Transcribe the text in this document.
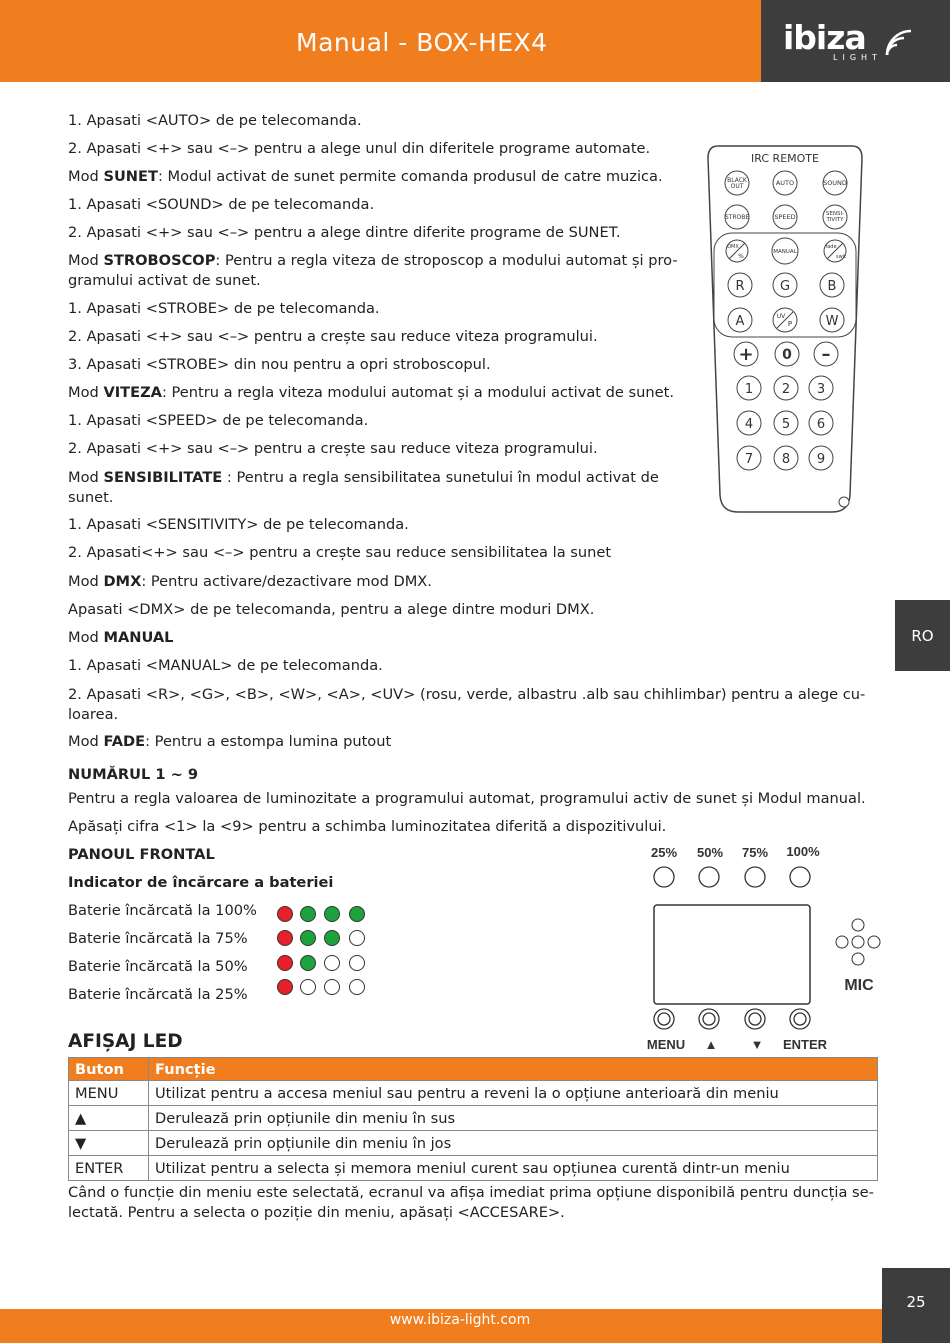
Manual - BOX-HEX4	ibiza
LIGHT
1. Apasati <AUTO> de pe telecomanda.
2. Apasati <+> sau <–> pentru a alege unul din diferitele programe automate.
Mod SUNET: Modul activat de sunet permite comanda produsul de catre muzica.
1. Apasati <SOUND> de pe telecomanda.
2. Apasati <+> sau <–> pentru a alege dintre diferite programe de SUNET.
Mod STROBOSCOP: Pentru a regla viteza de stroposcop a modului automat și pro-
gramului activat de sunet.
1. Apasati <STROBE> de pe telecomanda.
2. Apasati <+> sau <–> pentru a crește sau reduce viteza programului.
3. Apasati <STROBE> din nou pentru a opri stroboscopul.
Mod VITEZA: Pentru a regla viteza modului automat și a modului activat de sunet.
1. Apasati <SPEED> de pe telecomanda.
2. Apasati <+> sau <–> pentru a crește sau reduce viteza programului.
Mod SENSIBILITATE : Pentru a regla sensibilitatea sunetului în modul activat de
sunet.
1. Apasati <SENSITIVITY> de pe telecomanda.
2. Apasati<+> sau <–> pentru a crește sau reduce sensibilitatea la sunet
Mod DMX: Pentru activare/dezactivare mod DMX.
Apasati <DMX> de pe telecomanda, pentru a alege dintre moduri DMX.
Mod MANUAL
1. Apasati <MANUAL> de pe telecomanda.
2. Apasati <R>, <G>, <B>, <W>, <A>, <UV> (rosu, verde, albastru .alb sau chihlimbar) pentru a alege cu-
loarea.
Mod FADE: Pentru a estompa lumina putout
NUMĂRUL 1 ~ 9
Pentru a regla valoarea de luminozitate a programului automat, programului activ de sunet și Modul manual.
Apăsați cifra <1> la <9> pentru a schimba luminozitatea diferită a dispozitivului.
PANOUL FRONTAL
Indicator de încărcare a bateriei
Baterie încărcată la 100%
Baterie încărcată la 75%
Baterie încărcată la 50%
Baterie încărcată la 25%
IRC REMOTE
BLACK
OUT	AUTO	SOUND
STROBE	SPEED	SENSI-
TIVITY
DMX
%
MANUAL
fade
swit
R	G	B
A	UV
P	W
+ 0 –
1 2 3
4 5 6
7 8 9
RO
25% 50% 75% 100%
MIC
MENU ▲	▼ ENTER
AFIȘAJ LED
Buton	Funcție
MENU	Utilizat pentru a accesa meniul sau pentru a reveni la o opțiune anterioară din meniu
▲	Derulează prin opțiunile din meniu în sus
▼	Derulează prin opțiunile din meniu în jos
ENTER	Utilizat pentru a selecta și memora meniul curent sau opțiunea curentă dintr-un meniu
Când o funcție din meniu este selectată, ecranul va afișa imediat prima opțiune disponibilă pentru duncția se-
lectată. Pentru a selecta o poziție din meniu, apăsați <ACCESARE>.
25
www.ibiza-light.com
